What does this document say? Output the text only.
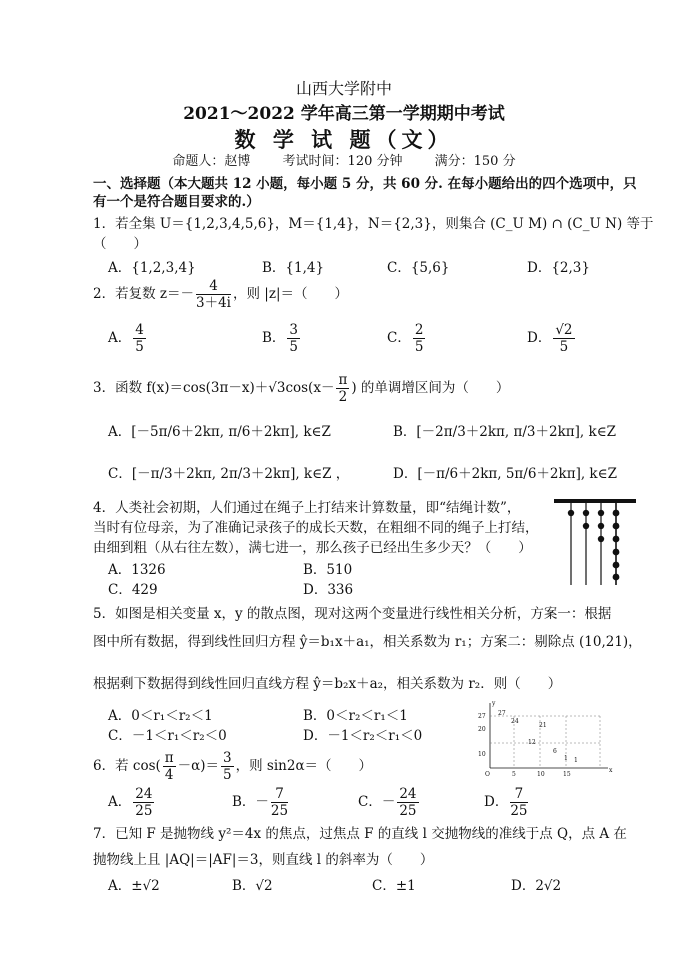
山西大学附中
2021～2022 学年高三第一学期期中考试
数 学 试 题（文）
命题人：赵博 考试时间：120 分钟 满分：150 分
一、选择题（本大题共 12 小题，每小题 5 分，共 60 分. 在每小题给出的四个选项中，只
有一个是符合题目要求的.）
1．若全集 U＝{1,2,3,4,5,6}，M＝{1,4}，N＝{2,3}，则集合 (C_U M) ∩ (C_U N) 等于
（　　）
A．{1,2,3,4}	B．{1,4}	C．{5,6}	D．{2,3}
2．若复数 $z=- \frac{4}{3+4i}$ ，则 |z|＝（　　）
A． $\frac{4}{5}$	B． $\frac{3}{5}$	C． $\frac{2}{5}$	D． $\frac{√2}{5}$
3．函数 $f(x)=\cos(3\pi-x)+√3\cos(x- \frac{\pi}{2}$ ) 的单调增区间为（　　）
A．[－5π/6＋2kπ, π/6＋2kπ], k∈Z	B．[－2π/3＋2kπ, π/3＋2kπ], k∈Z
C．[－π/3＋2kπ, 2π/3＋2kπ], k∈Z ，	D．[－π/6＋2kπ, 5π/6＋2kπ], k∈Z
4．人类社会初期，人们通过在绳子上打结来计算数量，即“结绳计数”，
当时有位母亲，为了准确记录孩子的成长天数，在粗细不同的绳子上打结，
由细到粗（从右往左数），满七进一，那么孩子已经出生多少天？（　　）
A．1326	B．510
C．429	D．336
5．如图是相关变量 x，y 的散点图，现对这两个变量进行线性相关分析，方案一：根据
图中所有数据，得到线性回归方程 ŷ＝b₁x＋a₁，相关系数为 r₁；方案二：剔除点 (10,21)，
根据剩下数据得到线性回归直线方程 ŷ＝b₂x＋a₂，相关系数为 r₂．则（　　）
A．0＜r₁＜r₂＜1	B．0＜r₂＜r₁＜1
C．－1＜r₁＜r₂＜0	D．－1＜r₂＜r₁＜0
27
20
10
O	5	10	15
x
y
27
24
21
12
6
1 1
6．若 $\cos( \frac{\pi}{4} -\alpha)= \frac{3}{5}$ ，则 sin2α＝（　　）
A． $\frac{24}{25}$	B．－ $\frac{7}{25}$	C．－ $\frac{24}{25}$	D． $\frac{7}{25}$
7．已知 F 是抛物线 y²＝4x 的焦点，过焦点 F 的直线 l 交抛物线的准线于点 Q，点 A 在
抛物线上且 |AQ|＝|AF|＝3，则直线 l 的斜率为（　　）
A．±√2	B．√2	C．±1	D．2√2
